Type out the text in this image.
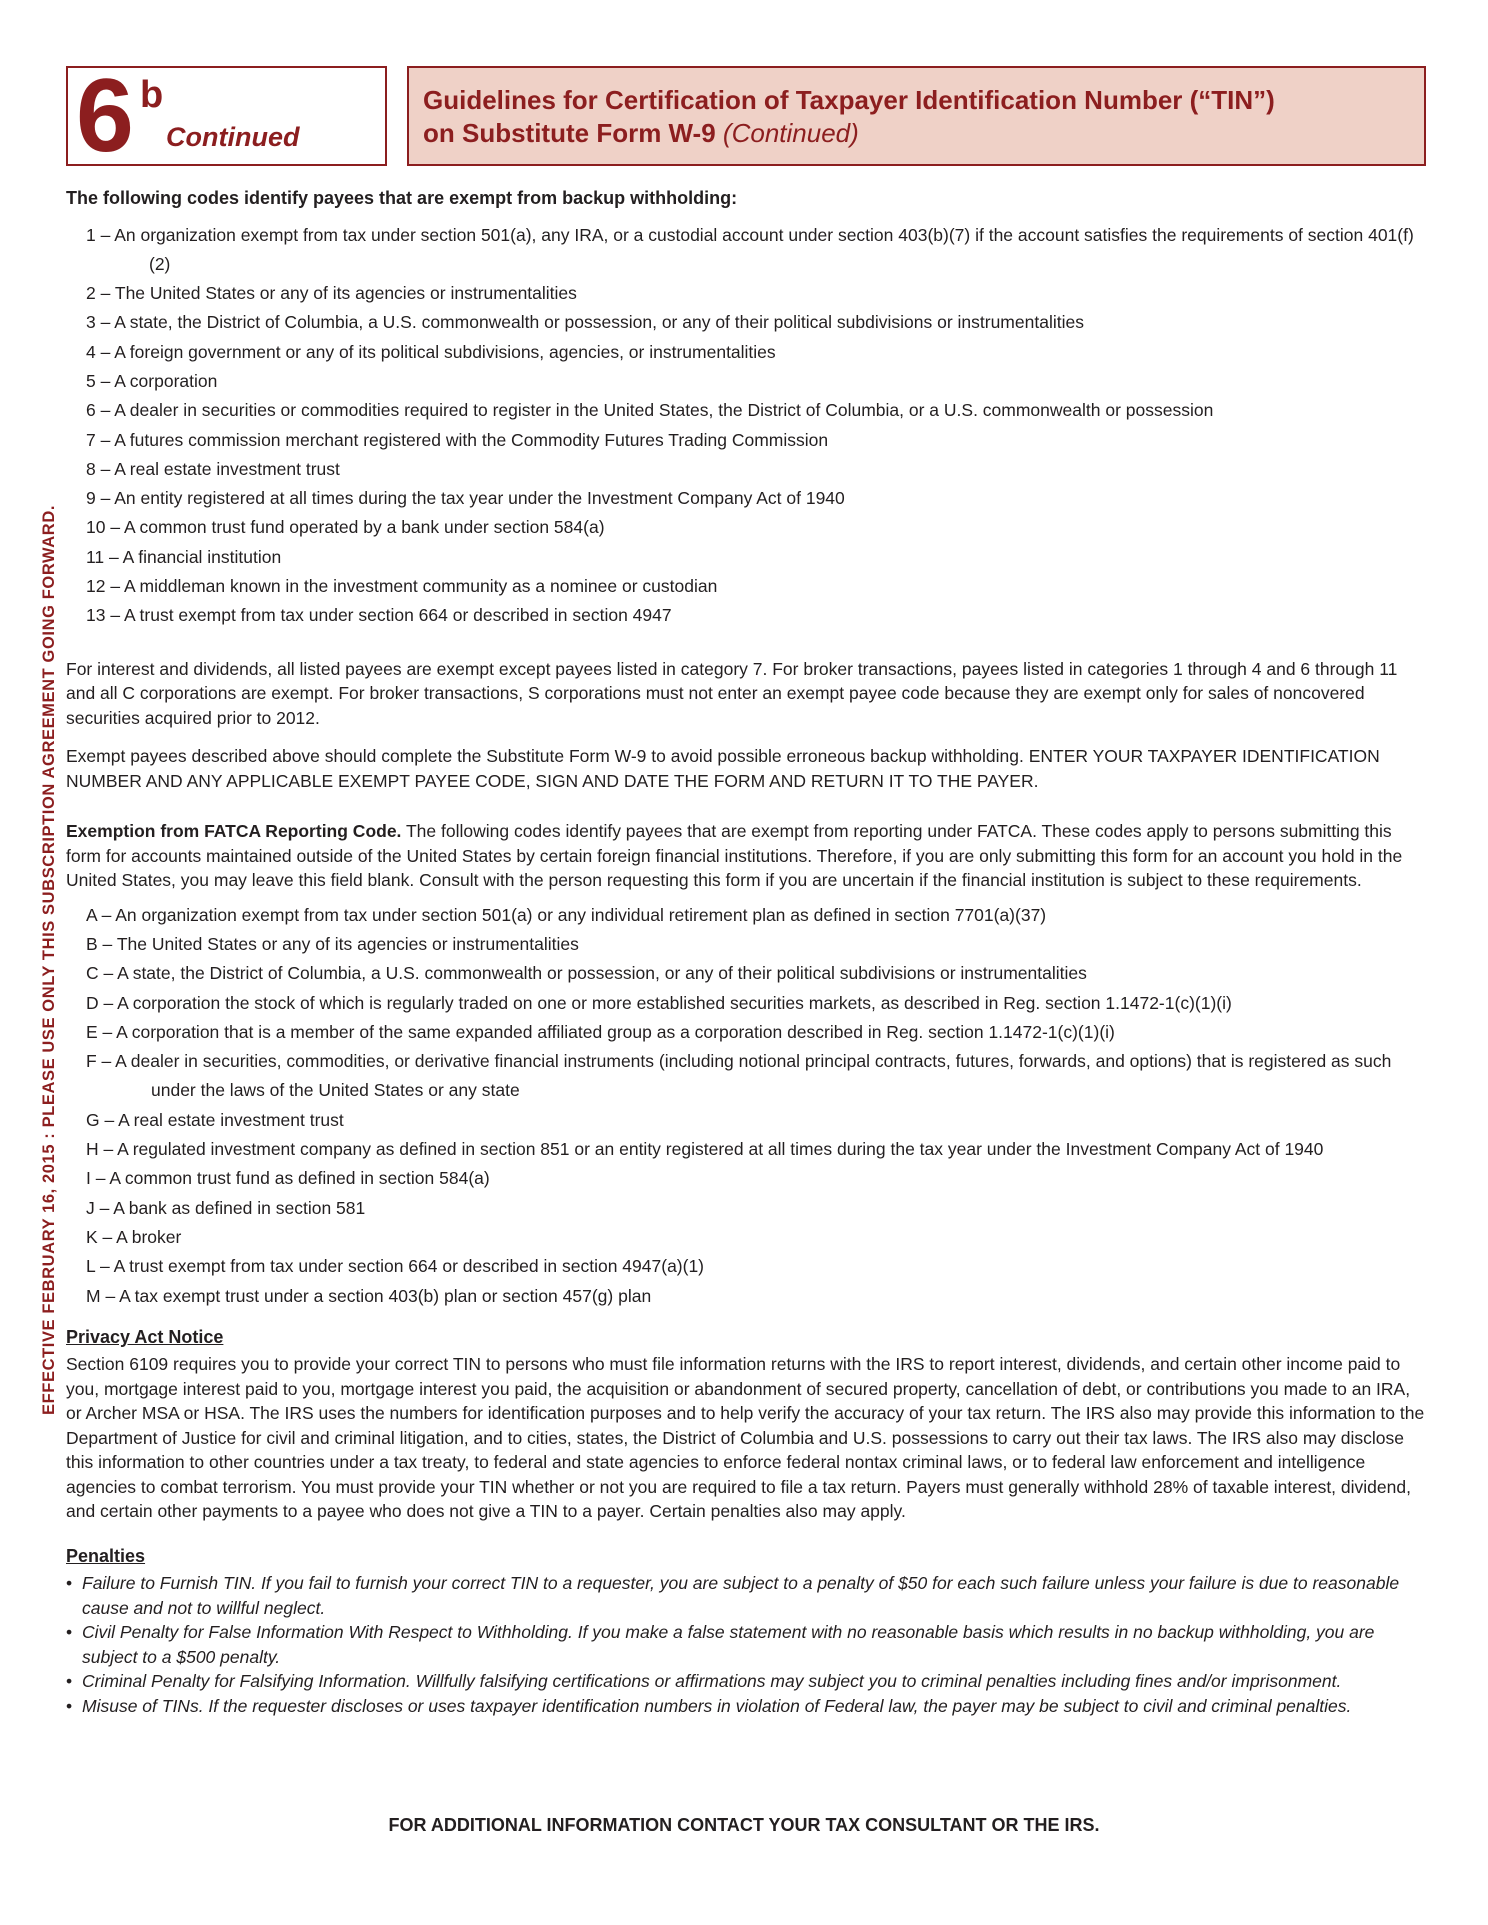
6 b
Continued
Guidelines for Certification of Taxpayer Identification Number (“TIN”)
on Substitute Form W-9 (Continued)
EFFECTIVE FEBRUARY 16, 2015 : PLEASE USE ONLY THIS SUBSCRIPTION AGREEMENT GOING FORWARD.
The following codes identify payees that are exempt from backup withholding:
1 – An organization exempt from tax under section 501(a), any IRA, or a custodial account under section 403(b)(7) if the account satisfies the requirements of section 401(f)(2)
2 – The United States or any of its agencies or instrumentalities
3 – A state, the District of Columbia, a U.S. commonwealth or possession, or any of their political subdivisions or instrumentalities
4 – A foreign government or any of its political subdivisions, agencies, or instrumentalities
5 – A corporation
6 – A dealer in securities or commodities required to register in the United States, the District of Columbia, or a U.S. commonwealth or possession
7 – A futures commission merchant registered with the Commodity Futures Trading Commission
8 – A real estate investment trust
9 – An entity registered at all times during the tax year under the Investment Company Act of 1940
10 – A common trust fund operated by a bank under section 584(a)
11 – A financial institution
12 – A middleman known in the investment community as a nominee or custodian
13 – A trust exempt from tax under section 664 or described in section 4947

For interest and dividends, all listed payees are exempt except payees listed in category 7. For broker transactions, payees listed in categories 1 through 4 and 6 through 11 and all C corporations are exempt. For broker transactions, S corporations must not enter an exempt payee code because they are exempt only for sales of noncovered securities acquired prior to 2012.

Exempt payees described above should complete the Substitute Form W-9 to avoid possible erroneous backup withholding. ENTER YOUR TAXPAYER IDENTIFICATION NUMBER AND ANY APPLICABLE EXEMPT PAYEE CODE, SIGN AND DATE THE FORM AND RETURN IT TO THE PAYER.

Exemption from FATCA Reporting Code. The following codes identify payees that are exempt from reporting under FATCA. These codes apply to persons submitting this form for accounts maintained outside of the United States by certain foreign financial institutions. Therefore, if you are only submitting this form for an account you hold in the United States, you may leave this field blank. Consult with the person requesting this form if you are uncertain if the financial institution is subject to these requirements.

A – An organization exempt from tax under section 501(a) or any individual retirement plan as defined in section 7701(a)(37)
B – The United States or any of its agencies or instrumentalities
C – A state, the District of Columbia, a U.S. commonwealth or possession, or any of their political subdivisions or instrumentalities
D – A corporation the stock of which is regularly traded on one or more established securities markets, as described in Reg. section 1.1472-1(c)(1)(i)
E – A corporation that is a member of the same expanded affiliated group as a corporation described in Reg. section 1.1472-1(c)(1)(i)
F – A dealer in securities, commodities, or derivative financial instruments (including notional principal contracts, futures, forwards, and options) that is registered as such under the laws of the United States or any state
G – A real estate investment trust
H – A regulated investment company as defined in section 851 or an entity registered at all times during the tax year under the Investment Company Act of 1940
I – A common trust fund as defined in section 584(a)
J – A bank as defined in section 581
K – A broker
L – A trust exempt from tax under section 664 or described in section 4947(a)(1)
M – A tax exempt trust under a section 403(b) plan or section 457(g) plan
Privacy Act Notice

Section 6109 requires you to provide your correct TIN to persons who must file information returns with the IRS to report interest, dividends, and certain other income paid to you, mortgage interest paid to you, mortgage interest you paid, the acquisition or abandonment of secured property, cancellation of debt, or contributions you made to an IRA, or Archer MSA or HSA. The IRS uses the numbers for identification purposes and to help verify the accuracy of your tax return. The IRS also may provide this information to the Department of Justice for civil and criminal litigation, and to cities, states, the District of Columbia and U.S. possessions to carry out their tax laws. The IRS also may disclose this information to other countries under a tax treaty, to federal and state agencies to enforce federal nontax criminal laws, or to federal law enforcement and intelligence agencies to combat terrorism. You must provide your TIN whether or not you are required to file a tax return. Payers must generally withhold 28% of taxable interest, dividend, and certain other payments to a payee who does not give a TIN to a payer. Certain penalties also may apply.

Penalties
• Failure to Furnish TIN. If you fail to furnish your correct TIN to a requester, you are subject to a penalty of $50 for each such failure unless your failure is due to reasonable cause and not to willful neglect.
• Civil Penalty for False Information With Respect to Withholding. If you make a false statement with no reasonable basis which results in no backup withholding, you are subject to a $500 penalty.
• Criminal Penalty for Falsifying Information. Willfully falsifying certifications or affirmations may subject you to criminal penalties including fines and/or imprisonment.
• Misuse of TINs. If the requester discloses or uses taxpayer identification numbers in violation of Federal law, the payer may be subject to civil and criminal penalties.
FOR ADDITIONAL INFORMATION CONTACT YOUR TAX CONSULTANT OR THE IRS.
